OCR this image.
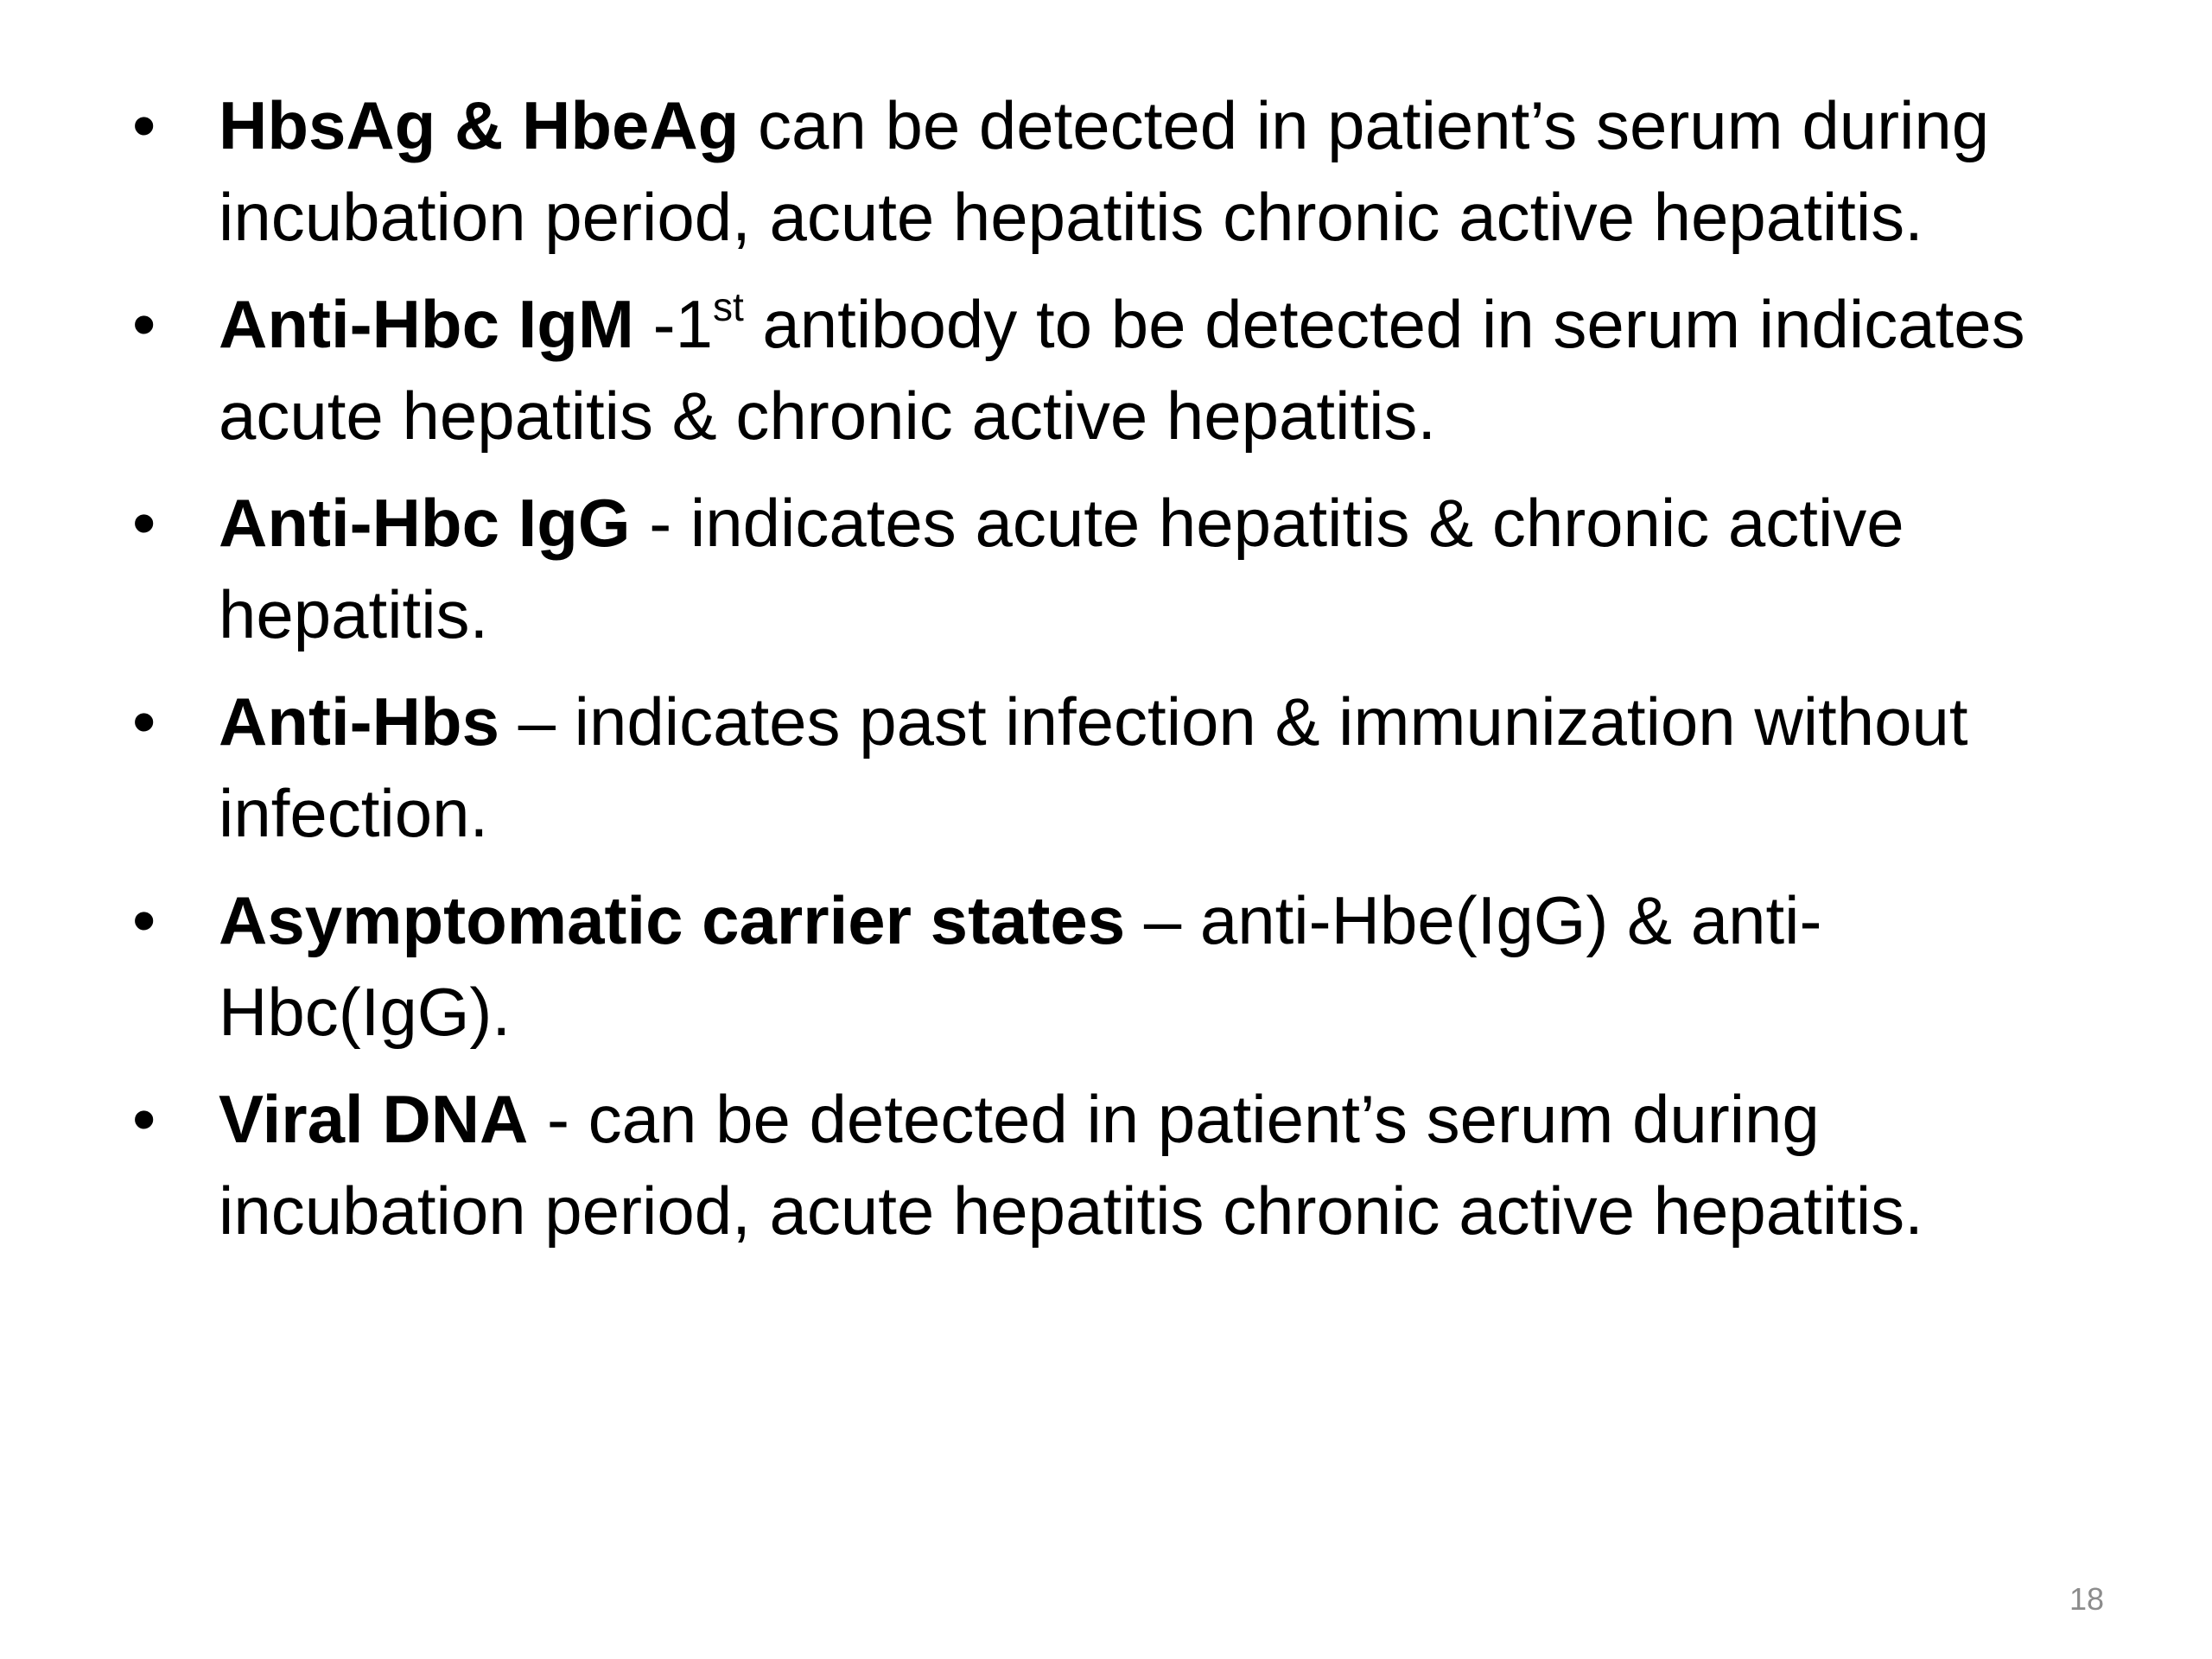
• HbsAg & HbeAg can be detected in patient’s serum during incubation period, acute hepatitis chronic active hepatitis.
• Anti-Hbc IgM -1st antibody to be detected in serum indicates acute hepatitis & chronic active hepatitis.
• Anti-Hbc IgG - indicates acute hepatitis & chronic active hepatitis.
• Anti-Hbs – indicates past infection & immunization without infection.
• Asymptomatic carrier states – anti-Hbe(IgG) & anti-Hbc(IgG).
• Viral DNA - can be detected in patient’s serum during incubation period, acute hepatitis chronic active hepatitis.
18
